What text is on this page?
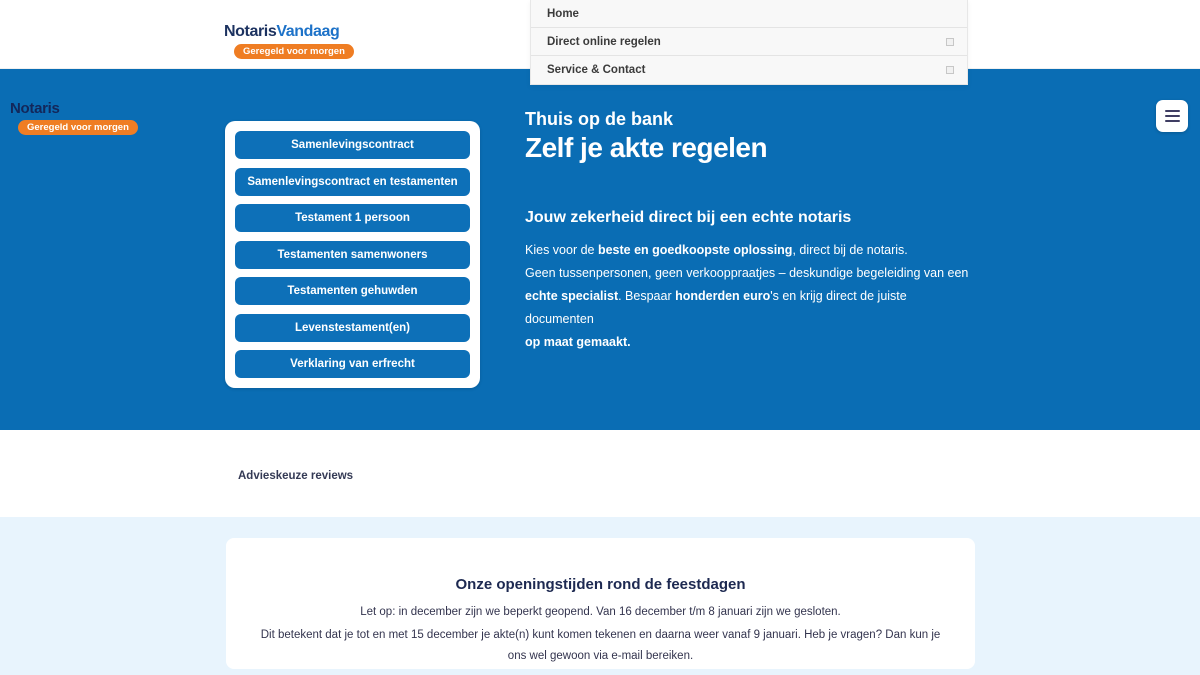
NotarisVandaag
Geregeld voor morgen
Home
Direct online regelen
Service & Contact
Notaris
Geregeld voor morgen
Samenlevingscontract
Samenlevingscontract en testamenten
Testament 1 persoon
Testamenten samenwoners
Testamenten gehuwden
Levenstestament(en)
Verklaring van erfrecht
Thuis op de bank
Zelf je akte regelen
Jouw zekerheid direct bij een echte notaris

Kies voor de beste en goedkoopste oplossing, direct bij de notaris.
Geen tussenpersonen, geen verkooppraatjes – deskundige begeleiding van een
echte specialist. Bespaar honderden euro's en krijg direct de juiste documenten
op maat gemaakt.

Advieskeuze reviews
Onze openingstijden rond de feestdagen

Let op: in december zijn we beperkt geopend. Van 16 december t/m 8 januari zijn we gesloten.

Dit betekent dat je tot en met 15 december je akte(n) kunt komen tekenen en daarna weer vanaf 9 januari. Heb je vragen? Dan kun je ons wel gewoon via e-mail bereiken.
